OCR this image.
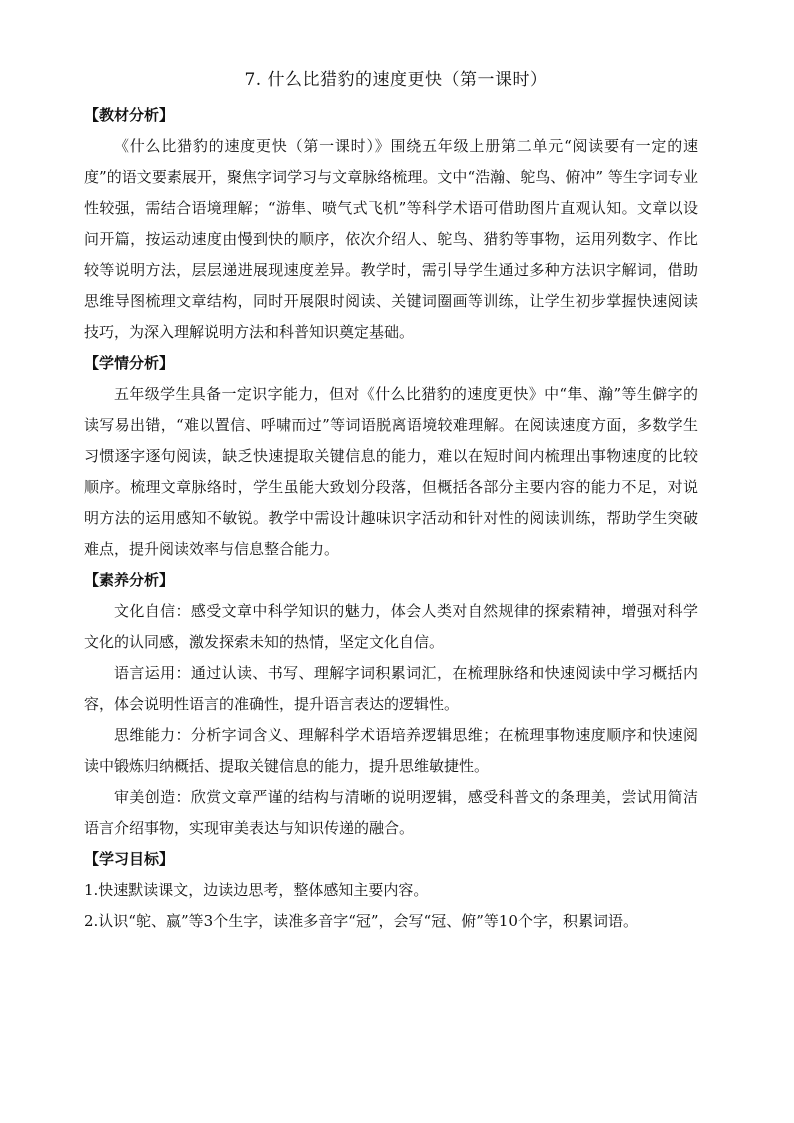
7. 什么比猎豹的速度更快（第一课时）
【教材分析】

《什么比猎豹的速度更快（第一课时）》围绕五年级上册第二单元“阅读要有一定的速度”的语文要素展开，聚焦字词学习与文章脉络梳理。文中“浩瀚、鸵鸟、俯冲” 等生字词专业性较强，需结合语境理解；“游隼、喷气式飞机”等科学术语可借助图片直观认知。文章以设问开篇，按运动速度由慢到快的顺序，依次介绍人、鸵鸟、猎豹等事物，运用列数字、作比较等说明方法，层层递进展现速度差异。教学时，需引导学生通过多种方法识字解词，借助思维导图梳理文章结构，同时开展限时阅读、关键词圈画等训练，让学生初步掌握快速阅读技巧，为深入理解说明方法和科普知识奠定基础。

【学情分析】

五年级学生具备一定识字能力，但对《什么比猎豹的速度更快》中“隼、瀚”等生僻字的读写易出错，“难以置信、呼啸而过”等词语脱离语境较难理解。在阅读速度方面，多数学生习惯逐字逐句阅读，缺乏快速提取关键信息的能力，难以在短时间内梳理出事物速度的比较顺序。梳理文章脉络时，学生虽能大致划分段落，但概括各部分主要内容的能力不足，对说明方法的运用感知不敏锐。教学中需设计趣味识字活动和针对性的阅读训练，帮助学生突破难点，提升阅读效率与信息整合能力。

【素养分析】

文化自信：感受文章中科学知识的魅力，体会人类对自然规律的探索精神，增强对科学文化的认同感，激发探索未知的热情，坚定文化自信。

语言运用：通过认读、书写、理解字词积累词汇，在梳理脉络和快速阅读中学习概括内容，体会说明性语言的准确性，提升语言表达的逻辑性。

思维能力：分析字词含义、理解科学术语培养逻辑思维；在梳理事物速度顺序和快速阅读中锻炼归纳概括、提取关键信息的能力，提升思维敏捷性。

审美创造：欣赏文章严谨的结构与清晰的说明逻辑，感受科普文的条理美，尝试用简洁语言介绍事物，实现审美表达与知识传递的融合。

【学习目标】

1.快速默读课文，边读边思考，整体感知主要内容。

2.认识“鸵、嬴”等3个生字，读准多音字“冠”，会写“冠、俯”等10个字，积累词语。
